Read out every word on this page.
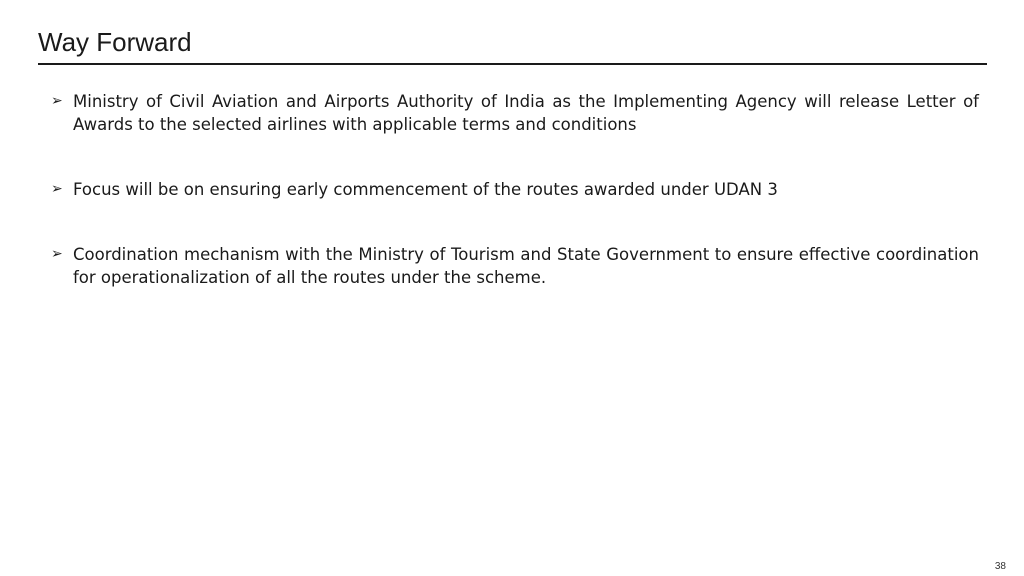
Way Forward
➢ Ministry of Civil Aviation and Airports Authority of India as the Implementing Agency will release Letter of Awards to the selected airlines with applicable terms and conditions
➢ Focus will be on ensuring early commencement of the routes awarded under UDAN 3
➢ Coordination mechanism with the Ministry of Tourism and State Government to ensure effective coordination for operationalization of all the routes under the scheme.
38
